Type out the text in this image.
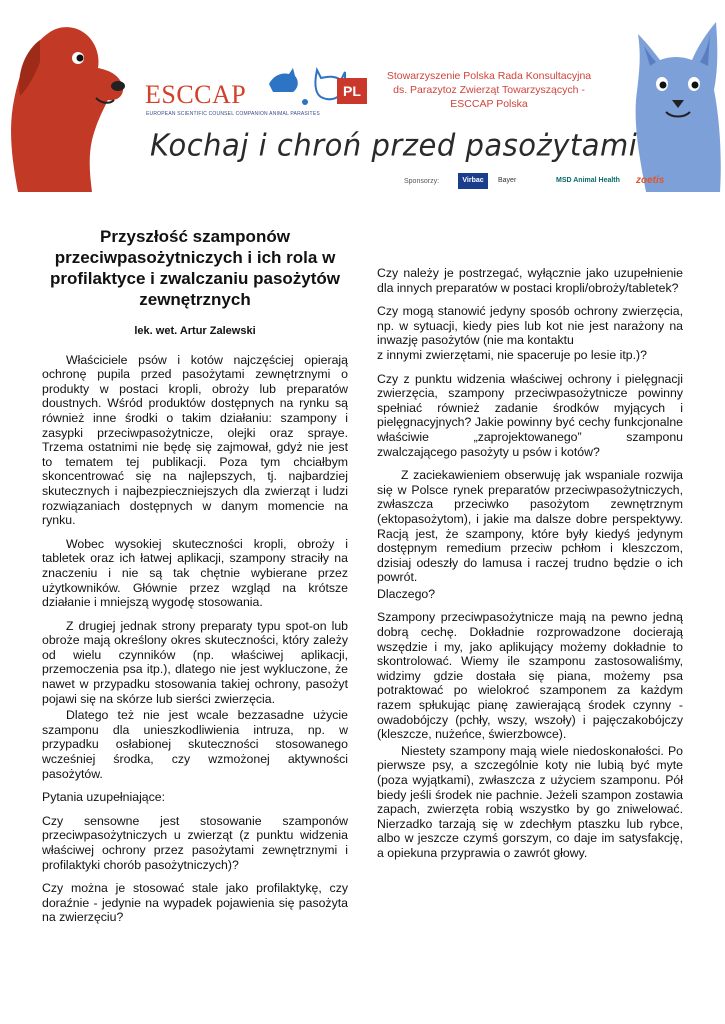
ESCCAP
EUROPEAN SCIENTIFIC COUNSEL COMPANION ANIMAL PARASITES
PL
Stowarzyszenie Polska Rada Konsultacyjna
ds. Parazytoz Zwierząt Towarzyszących -
ESCCAP Polska
Kochaj i chroń przed pasożytami
Sponsorzy:	Virbac	Bayer	MSD Animal Health zoetis
Przyszłość szamponów przeciwpasożytniczych i ich rola w profilaktyce i zwalczaniu pasożytów zewnętrznych
lek. wet. Artur Zalewski

Właściciele psów i kotów najczęściej opierają ochronę pupila przed pasożytami zewnętrznymi o produkty w postaci kropli, obroży lub preparatów doustnych. Wśród produktów dostępnych na rynku są również inne środki o takim działaniu: szampony i zasypki przeciwpasożytnicze, olejki oraz spraye. Trzema ostatnimi nie będę się zajmował, gdyż nie jest to tematem tej publikacji. Poza tym chciałbym skoncentrować się na najlepszych, tj. najbardziej skutecznych i najbezpieczniejszych dla zwierząt i ludzi rozwiązaniach dostępnych w danym momencie na rynku.

Wobec wysokiej skuteczności kropli, obroży i tabletek oraz ich łatwej aplikacji, szampony straciły na znaczeniu i nie są tak chętnie wybierane przez użytkowników. Głównie przez wzgląd na krótsze działanie i mniejszą wygodę stosowania.

Z drugiej jednak strony preparaty typu spot-on lub obroże mają określony okres skuteczności, który zależy od wielu czynników (np. właściwej aplikacji, przemoczenia psa itp.), dlatego nie jest wykluczone, że nawet w przypadku stosowania takiej ochrony, pasożyt pojawi się na skórze lub sierści zwierzęcia.

Dlatego też nie jest wcale bezzasadne użycie szamponu dla unieszkodliwienia intruza, np. w przypadku osłabionej skuteczności stosowanego wcześniej środka, czy wzmożonej aktywności pasożytów.

Pytania uzupełniające:

Czy sensowne jest stosowanie szamponów przeciwpasożytniczych u zwierząt (z punktu widzenia właściwej ochrony przez pasożytami zewnętrznymi i profilaktyki chorób pasożytniczych)?

Czy można je stosować stale jako profilaktykę, czy doraźnie - jedynie na wypadek pojawienia się pasożyta na zwierzęciu?

Czy należy je postrzegać, wyłącznie jako uzupełnienie dla innych preparatów w postaci kropli/obroży/tabletek?

Czy mogą stanowić jedyny sposób ochrony zwierzęcia, np. w sytuacji, kiedy pies lub kot nie jest narażony na inwazję pasożytów (nie ma kontaktu
z innymi zwierzętami, nie spaceruje po lesie itp.)?

Czy z punktu widzenia właściwej ochrony i pielęgnacji zwierzęcia, szampony przeciwpasożytnicze powinny spełniać również zadanie środków myjących i pielęgnacyjnych? Jakie powinny być cechy funkcjonalne właściwie „zaprojektowanego” szamponu zwalczającego pasożyty u psów i kotów?

Z zaciekawieniem obserwuję jak wspaniale rozwija się w Polsce rynek preparatów przeciwpasożytniczych, zwłaszcza przeciwko pasożytom zewnętrznym (ektopasożytom), i jakie ma dalsze dobre perspektywy. Racją jest, że szampony, które były kiedyś jedynym dostępnym remedium przeciw pchłom i kleszczom, dzisiaj odeszły do lamusa i raczej trudno będzie o ich powrót.

Dlaczego?

Szampony przeciwpasożytnicze mają na pewno jedną dobrą cechę. Dokładnie rozprowadzone docierają wszędzie i my, jako aplikujący możemy dokładnie to skontrolować. Wiemy ile szamponu zastosowaliśmy, widzimy gdzie dostała się piana, możemy psa potraktować po wielokroć szamponem za każdym razem spłukując pianę zawierającą środek czynny - owadobójczy (pchły, wszy, wszoły) i pajęczakobójczy (kleszcze, nużeńce, świerzbowce).

Niestety szampony mają wiele niedoskonałości. Po pierwsze psy, a szczególnie koty nie lubią być myte (poza wyjątkami), zwłaszcza z użyciem szamponu. Pół biedy jeśli środek nie pachnie. Jeżeli szampon zostawia zapach, zwierzęta robią wszystko by go zniwelować. Nierzadko tarzają się w zdechłym ptaszku lub rybce, albo w jeszcze czymś gorszym, co daje im satysfakcję, a opiekuna przyprawia o zawrót głowy.
